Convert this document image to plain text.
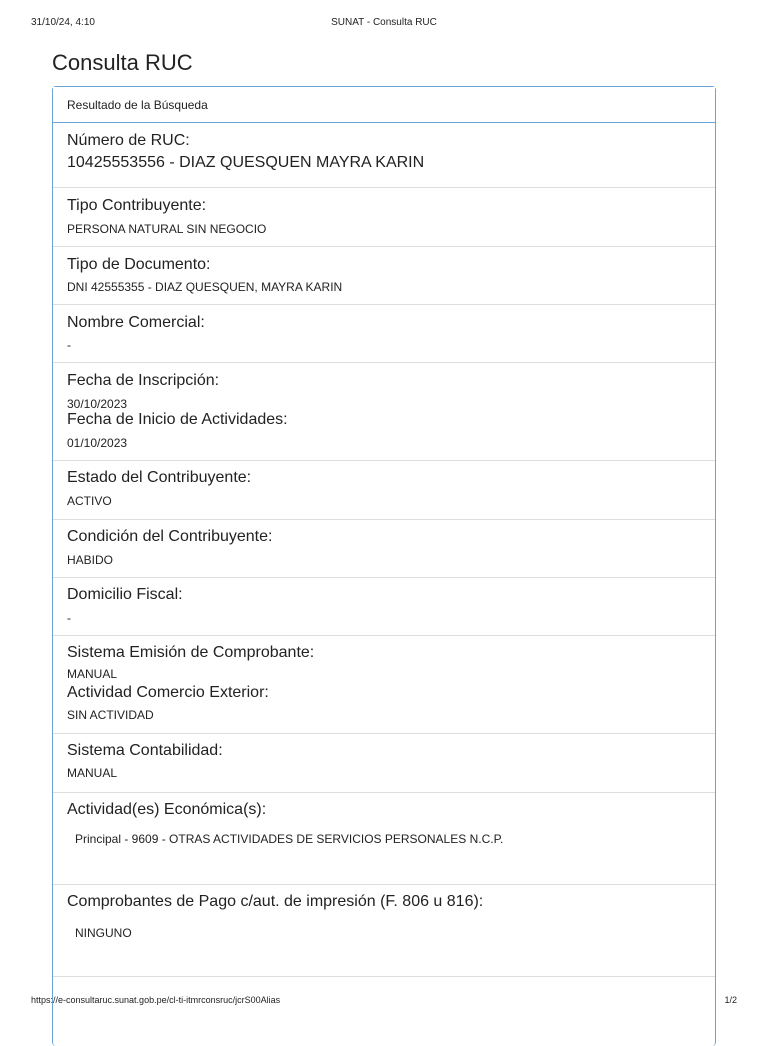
31/10/24, 4:10	SUNAT - Consulta RUC
Consulta RUC
Resultado de la Búsqueda
Número de RUC:
10425553556 - DIAZ QUESQUEN MAYRA KARIN
Tipo Contribuyente:
PERSONA NATURAL SIN NEGOCIO
Tipo de Documento:
DNI 42555355 - DIAZ QUESQUEN, MAYRA KARIN
Nombre Comercial:
-
Fecha de Inscripción:
30/10/2023
Fecha de Inicio de Actividades:
01/10/2023
Estado del Contribuyente:
ACTIVO
Condición del Contribuyente:
HABIDO
Domicilio Fiscal:
-
Sistema Emisión de Comprobante:
MANUAL
Actividad Comercio Exterior:
SIN ACTIVIDAD
Sistema Contabilidad:
MANUAL
Actividad(es) Económica(s):
Principal - 9609 - OTRAS ACTIVIDADES DE SERVICIOS PERSONALES N.C.P.
Comprobantes de Pago c/aut. de impresión (F. 806 u 816):
NINGUNO
https://e-consultaruc.sunat.gob.pe/cl-ti-itmrconsruc/jcrS00Alias	1/2
